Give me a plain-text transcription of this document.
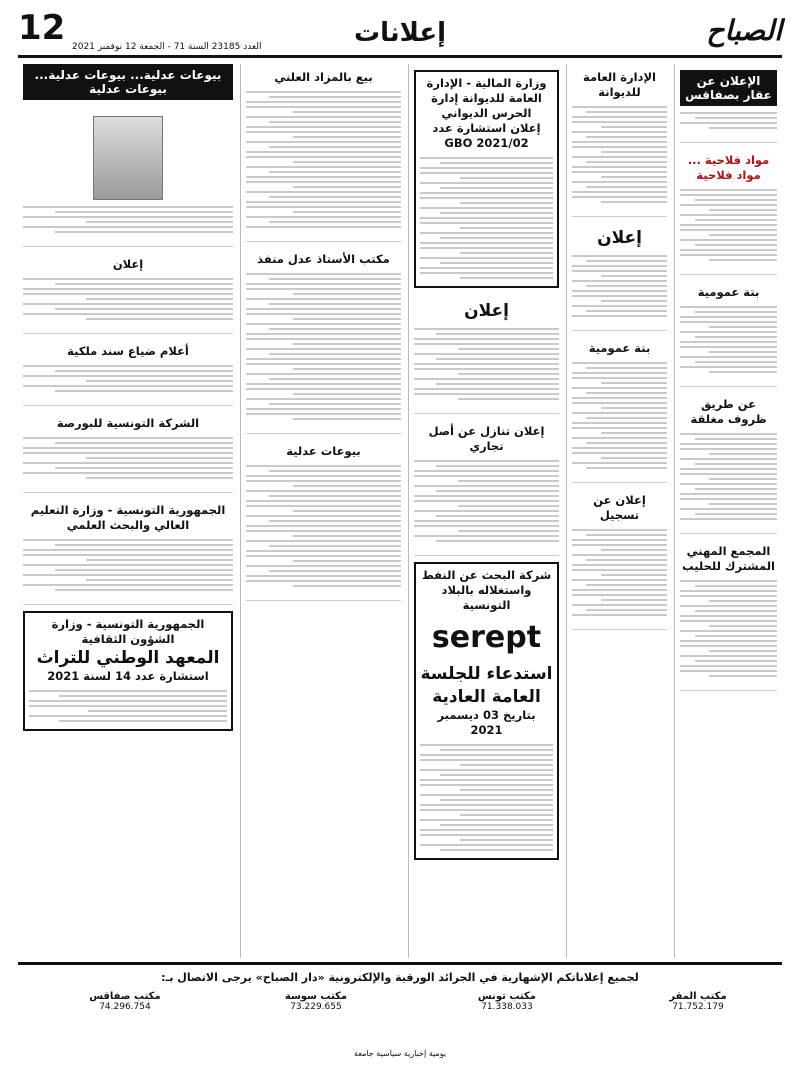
12 العدد 23185 السنة 71 - الجمعة 12 نوفمبر 2021	إعلانات	الصباح
الإعلان عن عقار بصفاقس
مواد فلاحية ... مواد فلاحية
بتة عمومية
عن طريق ظروف مغلقة
المجمع المهني المشترك للحليب
الإدارة العامة للديوانة
إعلان
بتة عمومية
إعلان عن تسجيل
وزارة المالية - الإدارة العامة للديوانة إدارة الحرس الديواني
إعلان استشارة عدد 2021/02 GBO
إعلان
إعلان تنازل عن أصل تجاري
شركة البحث عن النفط واستغلاله بالبلاد التونسية
serept
استدعاء للجلسة العامة العادية
بتاريخ 03 ديسمبر 2021
بيع بالمزاد العلني
مكتب الأستاذ عدل منفذ
بيوعات عدلية
بيوعات عدلية... بيوعات عدلية... بيوعات عدلية
إعلان
أعلام ضياع سند ملكية
الشركة التونسية للبورصة
الجمهورية التونسية - وزارة التعليم العالي والبحث العلمي
الجمهورية التونسية - وزارة الشؤون الثقافية
المعهد الوطني للتراث
استشارة عدد 14 لسنة 2021
لجميع إعلاناتكم الإشهارية في الجرائد الورقية والإلكترونية «دار الصباح» يرجى الاتصال بـ:
مكتب المقر
71.752.179
مكتب تونس
71.338.033
مكتب سوسة
73.229.655
مكتب صفاقس
74.296.754
يومية إخبارية سياسية جامعة
